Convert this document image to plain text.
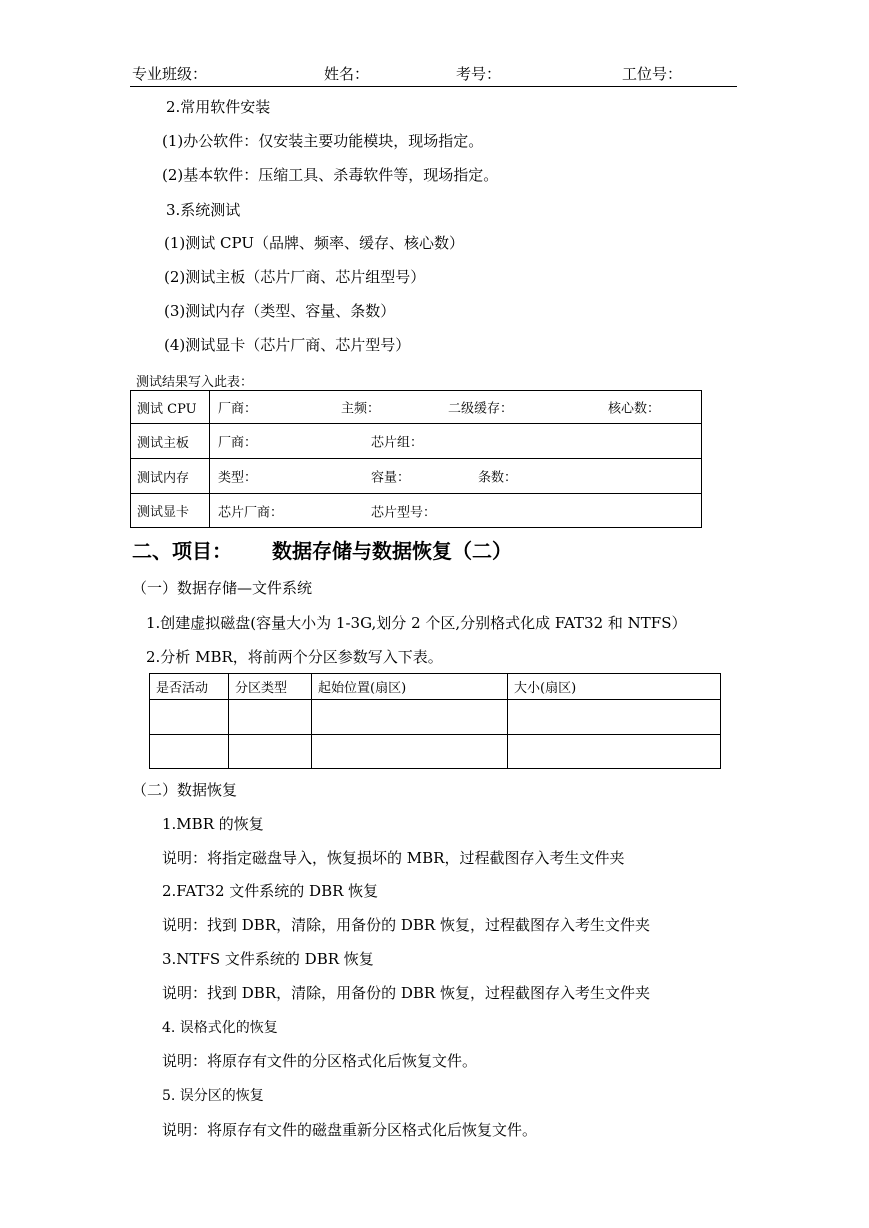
专业班级：	姓名：	考号：	工位号：
2.常用软件安装
(1)办公软件：仅安装主要功能模块，现场指定。
(2)基本软件：压缩工具、杀毒软件等，现场指定。
3.系统测试
(1)测试 CPU（品牌、频率、缓存、核心数）
(2)测试主板（芯片厂商、芯片组型号）
(3)测试内存（类型、容量、条数）
(4)测试显卡（芯片厂商、芯片型号）
测试结果写入此表：
测试 CPU	厂商： 主频： 二级缓存： 核心数：

测试主板	厂商： 芯片组：

测试内存	类型： 容量： 条数：

测试显卡	芯片厂商： 芯片型号：
二、项目： 数据存储与数据恢复（二）
（一）数据存储—文件系统
1.创建虚拟磁盘(容量大小为 1-3G,划分 2 个区,分别格式化成 FAT32 和 NTFS）
2.分析 MBR，将前两个分区参数写入下表。
是否活动	分区类型	起始位置(扇区)	大小(扇区)

（二）数据恢复
1.MBR 的恢复
说明：将指定磁盘导入，恢复损坏的 MBR，过程截图存入考生文件夹
2.FAT32 文件系统的 DBR 恢复
说明：找到 DBR，清除，用备份的 DBR 恢复，过程截图存入考生文件夹
3.NTFS 文件系统的 DBR 恢复
说明：找到 DBR，清除，用备份的 DBR 恢复，过程截图存入考生文件夹
4. 误格式化的恢复
说明：将原存有文件的分区格式化后恢复文件。
5. 误分区的恢复
说明：将原存有文件的磁盘重新分区格式化后恢复文件。
